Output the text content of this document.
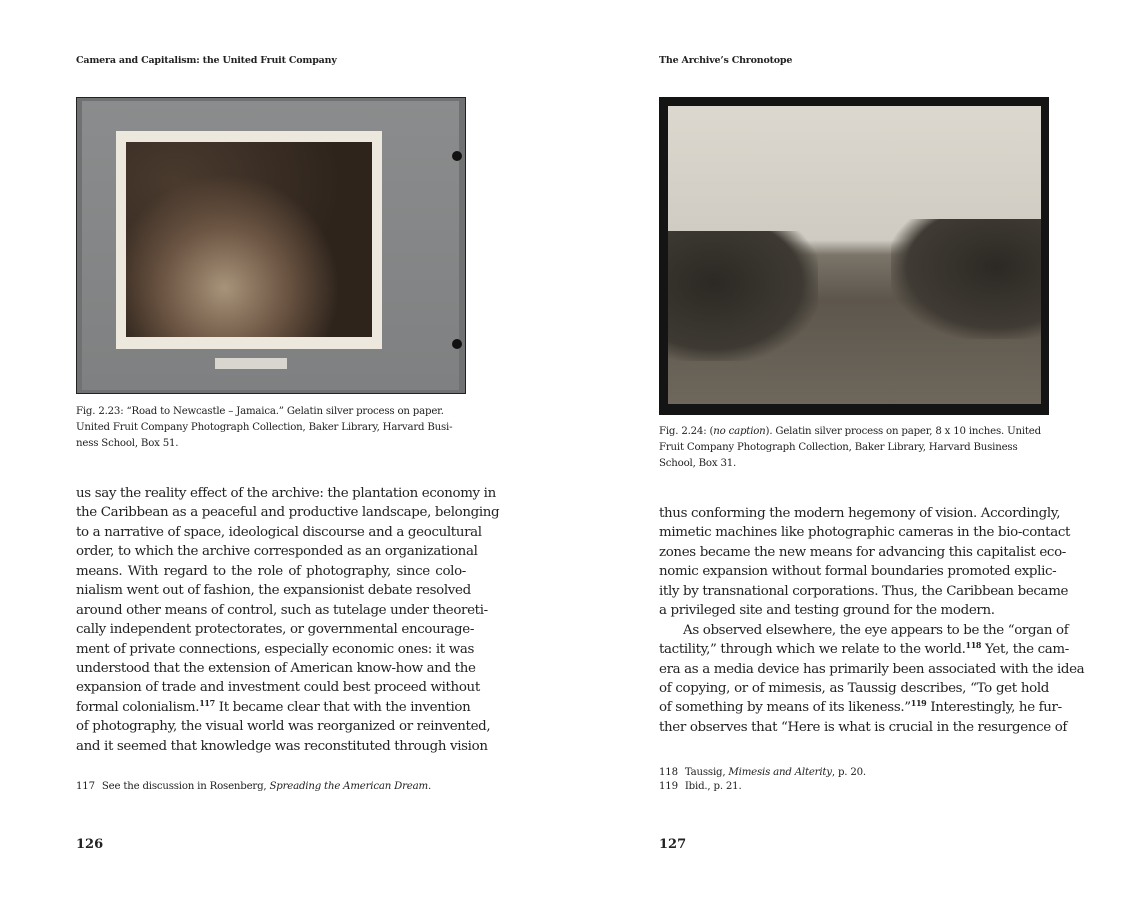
Camera and Capitalism: the United Fruit Company
Fig. 2.23: “Road to Newcastle – Jamaica.” Gelatin silver process on paper.
United Fruit Company Photograph Collection, Baker Library, Harvard Busi-
ness School, Box 51.
us say the reality effect of the archive: the plantation economy in
the Caribbean as a peaceful and productive landscape, belonging
to a narrative of space, ideological discourse and a geocultural
order, to which the archive corresponded as an organizational
means. With regard to the role of photography, since colo-
nialism went out of fashion, the expansionist debate resolved
around other means of control, such as tutelage under theoreti-
cally independent protectorates, or governmental encourage-
ment of private connections, especially economic ones: it was
understood that the extension of American know-how and the
expansion of trade and investment could best proceed without
formal colonialism.$^{117}$ It became clear that with the invention
of photography, the visual world was reorganized or reinvented,
and it seemed that knowledge was reconstituted through vision
117 See the discussion in Rosenberg, Spreading the American Dream.
126
The Archive’s Chronotope
Fig. 2.24: (no caption). Gelatin silver process on paper, 8 x 10 inches. United
Fruit Company Photograph Collection, Baker Library, Harvard Business
School, Box 31.
thus conforming the modern hegemony of vision. Accordingly,
mimetic machines like photographic cameras in the bio-contact
zones became the new means for advancing this capitalist eco-
nomic expansion without formal boundaries promoted explic-
itly by transnational corporations. Thus, the Caribbean became
a privileged site and testing ground for the modern.
As observed elsewhere, the eye appears to be the “organ of
tactility,” through which we relate to the world.$^{118}$ Yet, the cam-
era as a media device has primarily been associated with the idea
of copying, or of mimesis, as Taussig describes, “To get hold
of something by means of its likeness.”$^{119}$ Interestingly, he fur-
ther observes that “Here is what is crucial in the resurgence of
118 Taussig, Mimesis and Alterity, p. 20.
119 Ibid., p. 21.
127
